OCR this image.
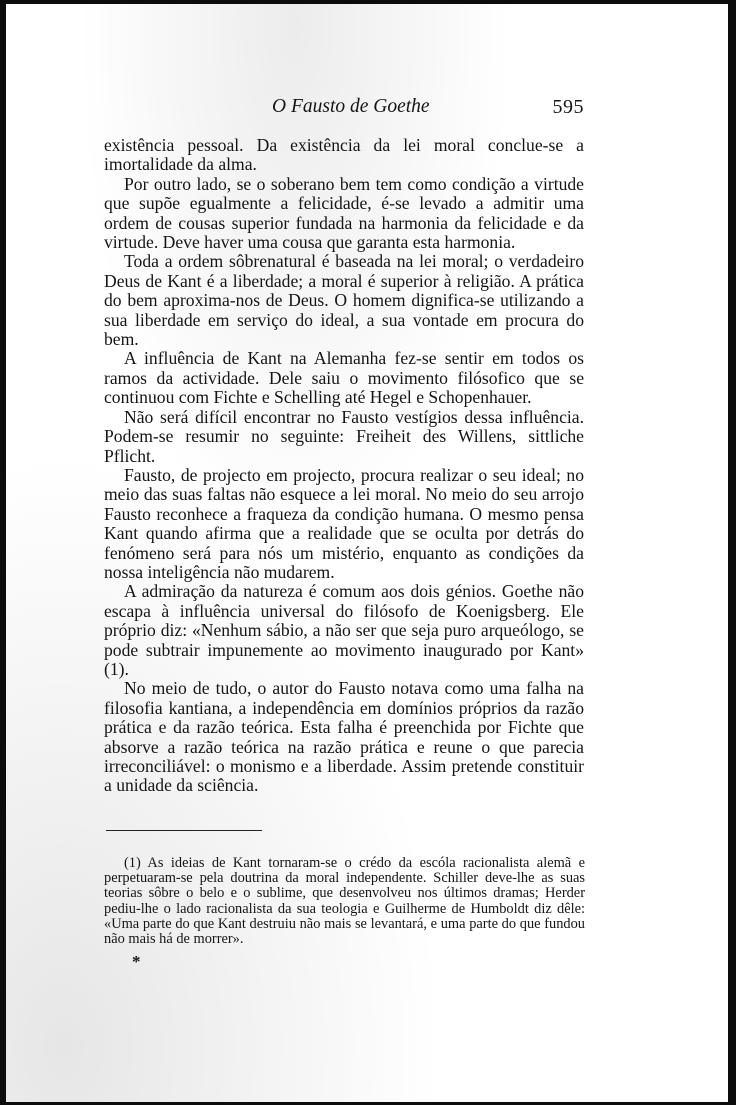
O Fausto de Goethe	595

existência pessoal. Da existência da lei moral conclue-se a imortalidade da alma.

Por outro lado, se o soberano bem tem como condição a virtude que supõe egualmente a felicidade, é-se levado a admitir uma ordem de cousas superior fundada na harmonia da felicidade e da virtude. Deve haver uma cousa que garanta esta harmonia.

Toda a ordem sôbrenatural é baseada na lei moral; o verdadeiro Deus de Kant é a liberdade; a moral é superior à religião. A prática do bem aproxima-nos de Deus. O homem dignifica-se utilizando a sua liberdade em serviço do ideal, a sua vontade em procura do bem.

A influência de Kant na Alemanha fez-se sentir em todos os ramos da actividade. Dele saiu o movimento filósofico que se continuou com Fichte e Schelling até Hegel e Schopenhauer.

Não será difícil encontrar no Fausto vestígios dessa influência. Podem-se resumir no seguinte: Freiheit des Willens, sittliche Pflicht.

Fausto, de projecto em projecto, procura realizar o seu ideal; no meio das suas faltas não esquece a lei moral. No meio do seu arrojo Fausto reconhece a fraqueza da condição humana. O mesmo pensa Kant quando afirma que a realidade que se oculta por detrás do fenómeno será para nós um mistério, enquanto as condições da nossa inteligência não mudarem.

A admiração da natureza é comum aos dois génios. Goethe não escapa à influência universal do filósofo de Koenigsberg. Ele próprio diz: «Nenhum sábio, a não ser que seja puro arqueólogo, se pode subtrair impunemente ao movimento inaugurado por Kant» (1).

No meio de tudo, o autor do Fausto notava como uma falha na filosofia kantiana, a independência em domínios próprios da razão prática e da razão teórica. Esta falha é preenchida por Fichte que absorve a razão teórica na razão prática e reune o que parecia irreconciliável: o monismo e a liberdade. Assim pretende constituir a unidade da sciência.

(1) As ideias de Kant tornaram-se o crédo da escóla racionalista alemã e perpetuaram-se pela doutrina da moral independente. Schiller deve-lhe as suas teorias sôbre o belo e o sublime, que desenvolveu nos últimos dramas; Herder pediu-lhe o lado racionalista da sua teologia e Guilherme de Humboldt diz dêle: «Uma parte do que Kant destruiu não mais se levantará, e uma parte do que fundou não mais há de morrer».

*
